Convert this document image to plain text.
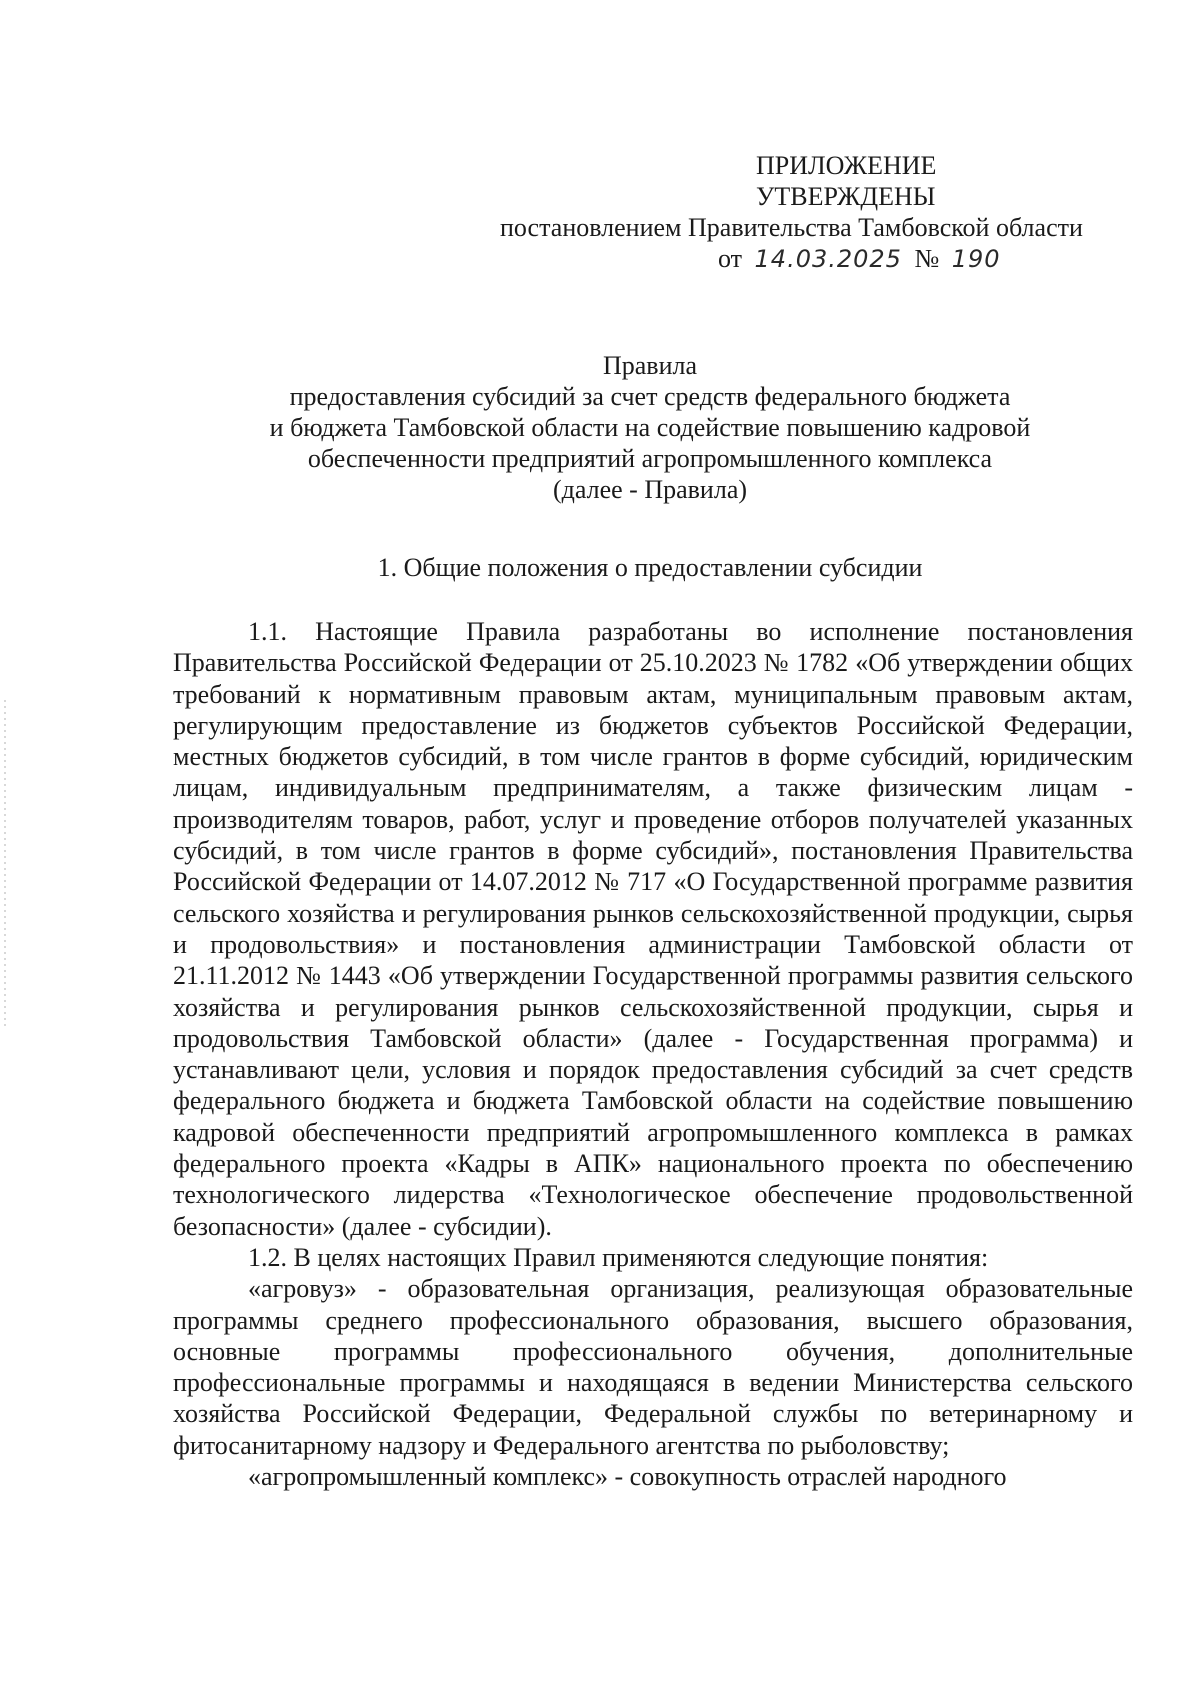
ПРИЛОЖЕНИЕ
УТВЕРЖДЕНЫ
постановлением Правительства Тамбовской области
от 14.03.2025 № 190
Правила
предоставления субсидий за счет средств федерального бюджета
и бюджета Тамбовской области на содействие повышению кадровой
обеспеченности предприятий агропромышленного комплекса
(далее - Правила)
1. Общие положения о предоставлении субсидии

1.1. Настоящие Правила разработаны во исполнение постановления Правительства Российской Федерации от 25.10.2023 № 1782 «Об утверждении общих требований к нормативным правовым актам, муниципальным правовым актам, регулирующим предоставление из бюджетов субъектов Российской Федерации, местных бюджетов субсидий, в том числе грантов в форме субсидий, юридическим лицам, индивидуальным предпринимателям, а также физическим лицам - производителям товаров, работ, услуг и проведение отборов получателей указанных субсидий, в том числе грантов в форме субсидий», постановления Правительства Российской Федерации от 14.07.2012 № 717 «О Государственной программе развития сельского хозяйства и регулирования рынков сельскохозяйственной продукции, сырья и продовольствия» и постановления администрации Тамбовской области от 21.11.2012 № 1443 «Об утверждении Государственной программы развития сельского хозяйства и регулирования рынков сельскохозяйственной продукции, сырья и продовольствия Тамбовской области» (далее - Государственная программа) и устанавливают цели, условия и порядок предоставления субсидий за счет средств федерального бюджета и бюджета Тамбовской области на содействие повышению кадровой обеспеченности предприятий агропромышленного комплекса в рамках федерального проекта «Кадры в АПК» национального проекта по обеспечению технологического лидерства «Технологическое обеспечение продовольственной безопасности» (далее - субсидии).

1.2. В целях настоящих Правил применяются следующие понятия:

«агровуз» - образовательная организация, реализующая образовательные программы среднего профессионального образования, высшего образования, основные программы профессионального обучения, дополнительные профессиональные программы и находящаяся в ведении Министерства сельского хозяйства Российской Федерации, Федеральной службы по ветеринарному и фитосанитарному надзору и Федерального агентства по рыболовству;

«агропромышленный комплекс» - совокупность отраслей народного
